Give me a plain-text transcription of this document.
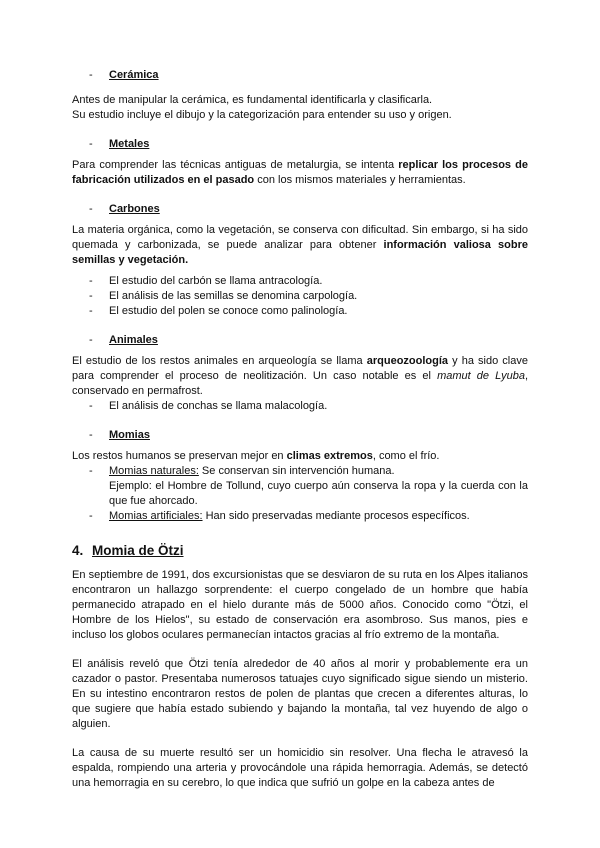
-	Cerámica

Antes de manipular la cerámica, es fundamental identificarla y clasificarla.

Su estudio incluye el dibujo y la categorización para entender su uso y origen.

-	Metales

Para comprender las técnicas antiguas de metalurgia, se intenta replicar los procesos de fabricación utilizados en el pasado con los mismos materiales y herramientas.

-	Carbones

La materia orgánica, como la vegetación, se conserva con dificultad. Sin embargo, si ha sido quemada y carbonizada, se puede analizar para obtener información valiosa sobre semillas y vegetación.

-	El estudio del carbón se llama antracología.
-	El análisis de las semillas se denomina carpología.
-	El estudio del polen se conoce como palinología.
-	Animales

El estudio de los restos animales en arqueología se llama arqueozoología y ha sido clave para comprender el proceso de neolitización. Un caso notable es el mamut de Lyuba, conservado en permafrost.

-	El análisis de conchas se llama malacología.
-	Momias

Los restos humanos se preservan mejor en climas extremos, como el frío.

-	Momias naturales: Se conservan sin intervención humana.
Ejemplo: el Hombre de Tollund, cuyo cuerpo aún conserva la ropa y la cuerda con la que fue ahorcado.
-	Momias artificiales: Han sido preservadas mediante procesos específicos.
4. Momia de Ötzi

En septiembre de 1991, dos excursionistas que se desviaron de su ruta en los Alpes italianos encontraron un hallazgo sorprendente: el cuerpo congelado de un hombre que había permanecido atrapado en el hielo durante más de 5000 años. Conocido como "Ötzi, el Hombre de los Hielos", su estado de conservación era asombroso. Sus manos, pies e incluso los globos oculares permanecían intactos gracias al frío extremo de la montaña.

El análisis reveló que Ötzi tenía alrededor de 40 años al morir y probablemente era un cazador o pastor. Presentaba numerosos tatuajes cuyo significado sigue siendo un misterio. En su intestino encontraron restos de polen de plantas que crecen a diferentes alturas, lo que sugiere que había estado subiendo y bajando la montaña, tal vez huyendo de algo o alguien.

La causa de su muerte resultó ser un homicidio sin resolver. Una flecha le atravesó la espalda, rompiendo una arteria y provocándole una rápida hemorragia. Además, se detectó una hemorragia en su cerebro, lo que indica que sufrió un golpe en la cabeza antes de
